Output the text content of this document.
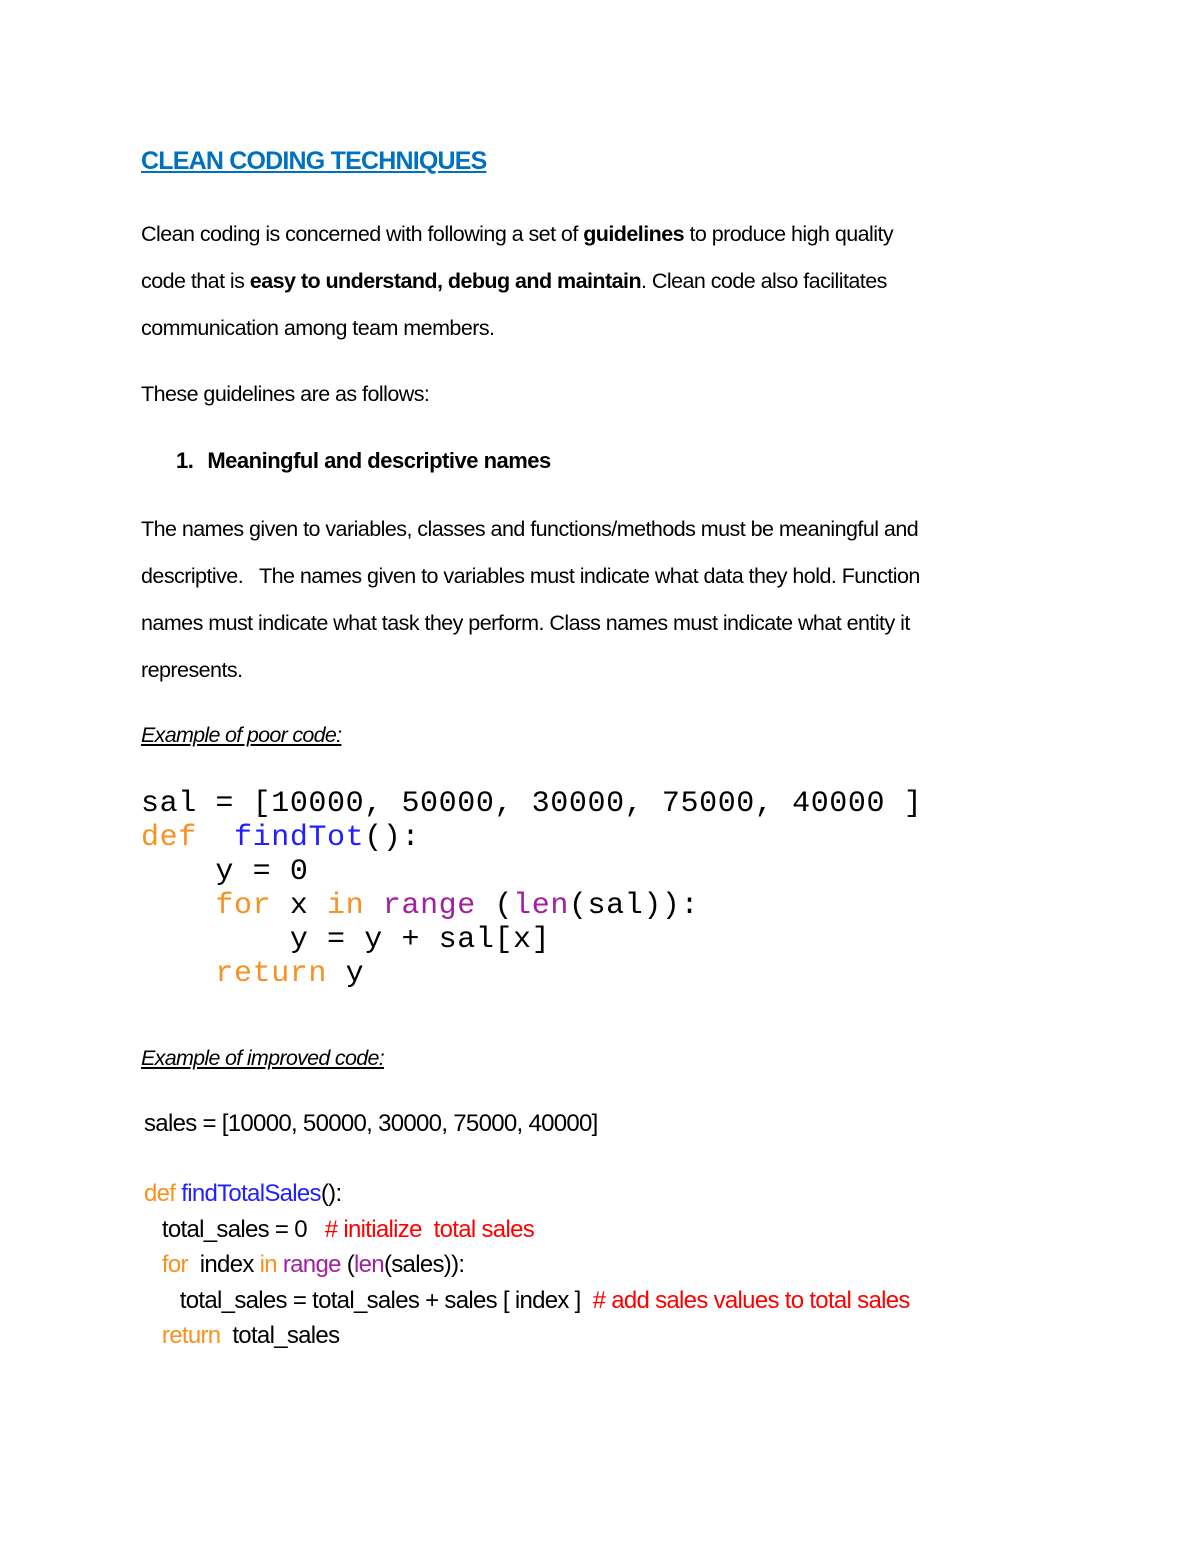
CLEAN CODING TECHNIQUES
Clean coding is concerned with following a set of guidelines to produce high quality
code that is easy to understand, debug and maintain. Clean code also facilitates
communication among team members.
These guidelines are as follows:
1. Meaningful and descriptive names
The names given to variables, classes and functions/methods must be meaningful and
descriptive.   The names given to variables must indicate what data they hold. Function
names must indicate what task they perform. Class names must indicate what entity it
represents.
Example of poor code:
sal = [10000, 50000, 30000, 75000, 40000 ]
def findTot():
y = 0
for x in range (len(sal)):
y = y + sal[x]
return y
Example of improved code:
sales = [10000, 50000, 30000, 75000, 40000]
def findTotalSales():
total_sales = 0   # initialize  total sales
for  index in range (len(sales)):
total_sales = total_sales + sales [ index ]  # add sales values to total sales
return  total_sales
